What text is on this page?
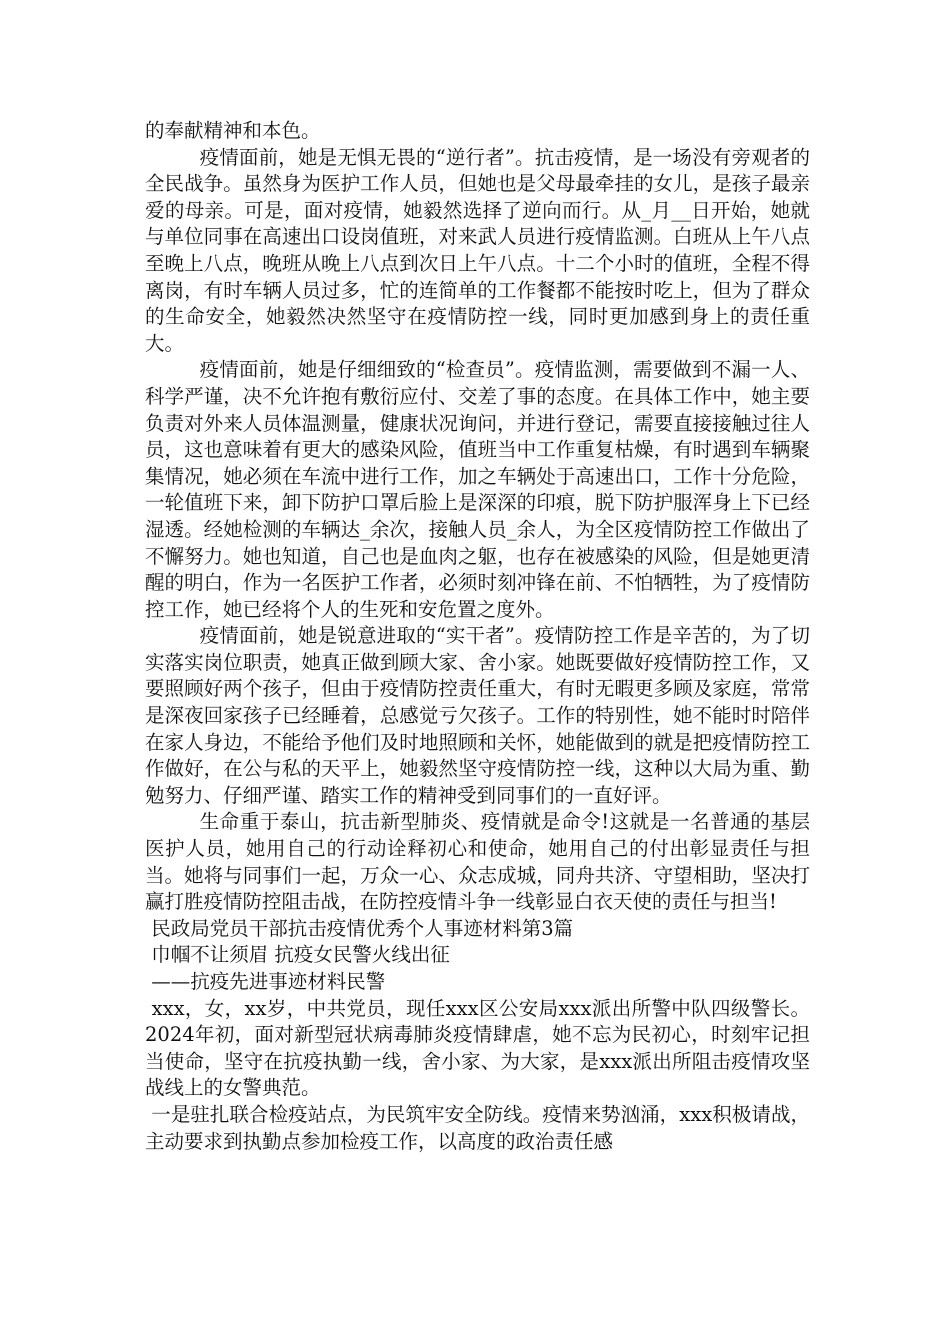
的奉献精神和本色。

疫情面前，她是无惧无畏的“逆行者”。抗击疫情，是一场没有旁观者的全民战争。虽然身为医护工作人员，但她也是父母最牵挂的女儿，是孩子最亲爱的母亲。可是，面对疫情，她毅然选择了逆向而行。从_月__日开始，她就与单位同事在高速出口设岗值班，对来武人员进行疫情监测。白班从上午八点至晚上八点，晚班从晚上八点到次日上午八点。十二个小时的值班，全程不得离岗，有时车辆人员过多，忙的连简单的工作餐都不能按时吃上，但为了群众的生命安全，她毅然决然坚守在疫情防控一线，同时更加感到身上的责任重大。

疫情面前，她是仔细细致的“检查员”。疫情监测，需要做到不漏一人、科学严谨，决不允许抱有敷衍应付、交差了事的态度。在具体工作中，她主要负责对外来人员体温测量，健康状况询问，并进行登记，需要直接接触过往人员，这也意味着有更大的感染风险，值班当中工作重复枯燥，有时遇到车辆聚集情况，她必须在车流中进行工作，加之车辆处于高速出口，工作十分危险，一轮值班下来，卸下防护口罩后脸上是深深的印痕，脱下防护服浑身上下已经湿透。经她检测的车辆达_余次，接触人员_余人，为全区疫情防控工作做出了不懈努力。她也知道，自己也是血肉之躯，也存在被感染的风险，但是她更清醒的明白，作为一名医护工作者，必须时刻冲锋在前、不怕牺牲，为了疫情防控工作，她已经将个人的生死和安危置之度外。

疫情面前，她是锐意进取的“实干者”。疫情防控工作是辛苦的，为了切实落实岗位职责，她真正做到顾大家、舍小家。她既要做好疫情防控工作，又要照顾好两个孩子，但由于疫情防控责任重大，有时无暇更多顾及家庭，常常是深夜回家孩子已经睡着，总感觉亏欠孩子。工作的特别性，她不能时时陪伴在家人身边，不能给予他们及时地照顾和关怀，她能做到的就是把疫情防控工作做好，在公与私的天平上，她毅然坚守疫情防控一线，这种以大局为重、勤勉努力、仔细严谨、踏实工作的精神受到同事们的一直好评。

生命重于泰山，抗击新型肺炎、疫情就是命令!这就是一名普通的基层医护人员，她用自己的行动诠释初心和使命，她用自己的付出彰显责任与担当。她将与同事们一起，万众一心、众志成城，同舟共济、守望相助，坚决打赢打胜疫情防控阻击战，在防控疫情斗争一线彰显白衣天使的责任与担当!

民政局党员干部抗击疫情优秀个人事迹材料第3篇

巾帼不让须眉 抗疫女民警火线出征

——抗疫先进事迹材料民警

xxx，女，xx岁，中共党员，现任xxx区公安局xxx派出所警中队四级警长。2024年初，面对新型冠状病毒肺炎疫情肆虐，她不忘为民初心，时刻牢记担当使命，坚守在抗疫执勤一线，舍小家、为大家，是xxx派出所阻击疫情攻坚战线上的女警典范。

一是驻扎联合检疫站点，为民筑牢安全防线。疫情来势汹涌，xxx积极请战，主动要求到执勤点参加检疫工作，以高度的政治责任感
